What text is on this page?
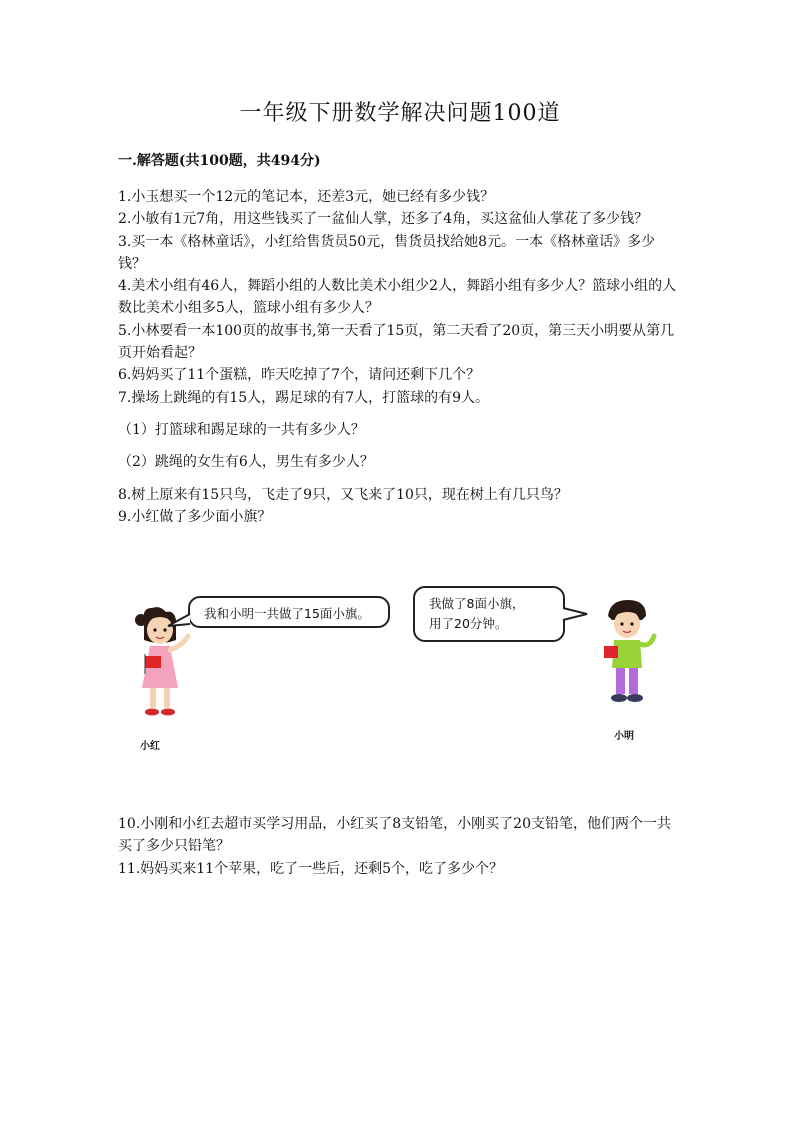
一年级下册数学解决问题100道
一.解答题(共100题，共494分)

1.小玉想买一个12元的笔记本，还差3元，她已经有多少钱？

2.小敏有1元7角，用这些钱买了一盆仙人掌，还多了4角，买这盆仙人掌花了多少钱？

3.买一本《格林童话》，小红给售货员50元，售货员找给她8元。一本《格林童话》多少钱？

4.美术小组有46人，舞蹈小组的人数比美术小组少2人，舞蹈小组有多少人？篮球小组的人数比美术小组多5人，篮球小组有多少人？

5.小林要看一本100页的故事书,第一天看了15页，第二天看了20页，第三天小明要从第几页开始看起？

6.妈妈买了11个蛋糕，昨天吃掉了7个，请问还剩下几个？

7.操场上跳绳的有15人，踢足球的有7人，打篮球的有9人。

（1）打篮球和踢足球的一共有多少人？

（2）跳绳的女生有6人，男生有多少人？

8.树上原来有15只鸟，飞走了9只，又飞来了10只，现在树上有几只鸟？

9.小红做了多少面小旗？

小红
我和小明一共做了15面小旗。
我做了8面小旗，
用了20分钟。
小明

10.小刚和小红去超市买学习用品，小红买了8支铅笔，小刚买了20支铅笔，他们两个一共买了多少只铅笔？

11.妈妈买来11个苹果，吃了一些后，还剩5个，吃了多少个？
